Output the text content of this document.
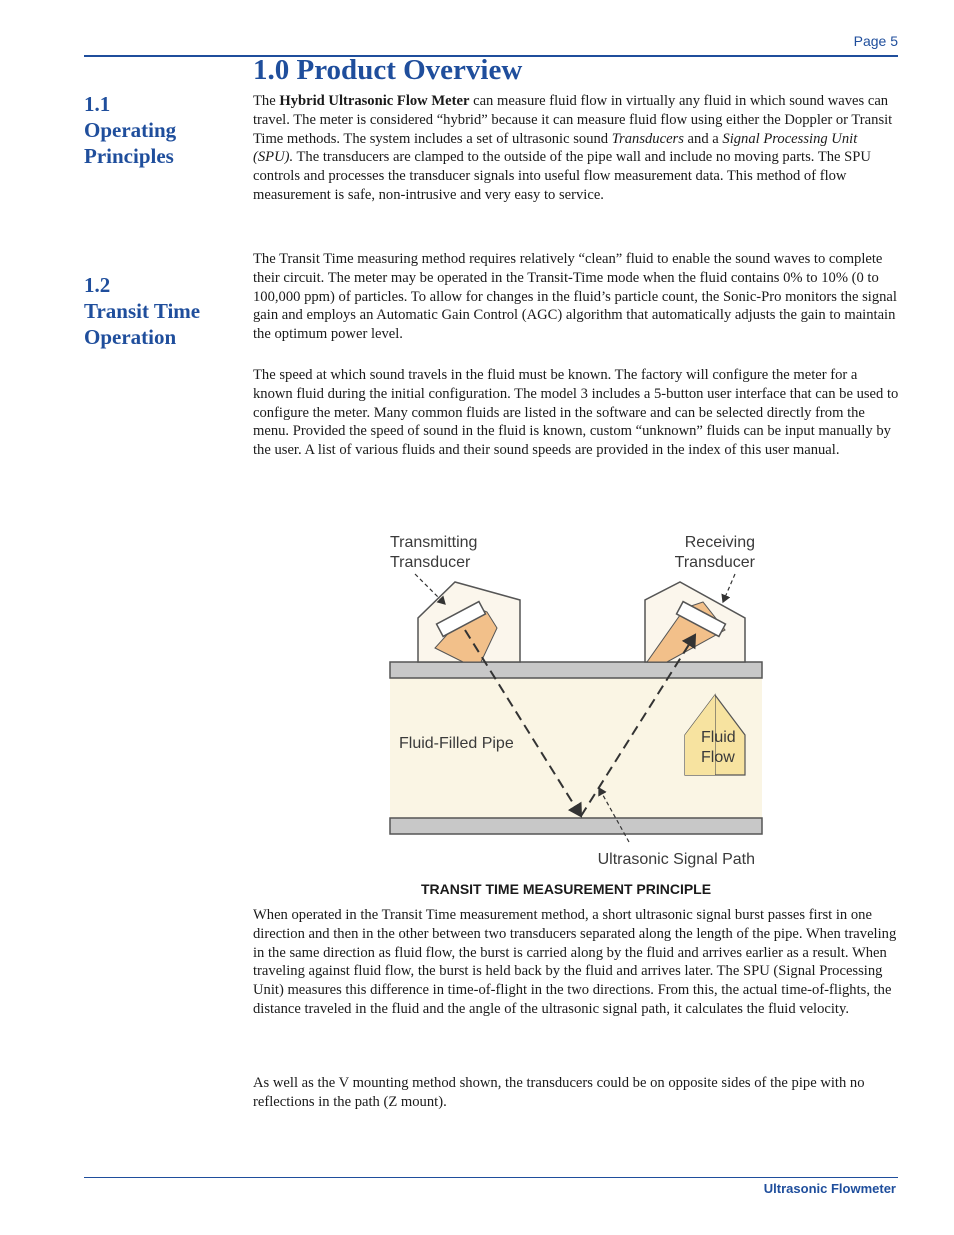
Page 5
1.0 Product Overview
1.1
Operating
Principles
1.2
Transit Time
Operation

The Hybrid Ultrasonic Flow Meter can measure fluid flow in virtually any fluid in which sound waves can travel. The meter is considered “hybrid” because it can measure fluid flow using either the Doppler or Transit Time methods. The system includes a set of ultrasonic sound Transducers and a Signal Processing Unit (SPU). The transducers are clamped to the outside of the pipe wall and include no moving parts. The SPU controls and processes the transducer signals into useful flow measurement data. This method of flow measurement is safe, non-intrusive and very easy to service.

The Transit Time measuring method requires relatively “clean” fluid to enable the sound waves to complete their circuit. The meter may be operated in the Transit-Time mode when the fluid contains 0% to 10% (0 to 100,000 ppm) of particles. To allow for changes in the fluid’s particle count, the Sonic-Pro monitors the signal gain and employs an Automatic Gain Control (AGC) algorithm that automatically adjusts the gain to maintain the optimum power level.

The speed at which sound travels in the fluid must be known. The factory will configure the meter for a known fluid during the initial configuration. The model 3 includes a 5-button user interface that can be used to configure the meter. Many common fluids are listed in the software and can be selected directly from the menu. Provided the speed of sound in the fluid is known, custom “unknown” fluids can be input manually by the user. A list of various fluids and their sound speeds are provided in the index of this user manual.

Transmitting
Transducer
Receiving
Transducer
Fluid-Filled Pipe	Fluid
Flow
Ultrasonic Signal Path
TRANSIT TIME MEASUREMENT PRINCIPLE

When operated in the Transit Time measurement method, a short ultrasonic signal burst passes first in one direction and then in the other between two transducers separated along the length of the pipe. When traveling in the same direction as fluid flow, the burst is carried along by the fluid and arrives earlier as a result. When traveling against fluid flow, the burst is held back by the fluid and arrives later. The SPU (Signal Processing Unit) measures this difference in time-of-flight in the two directions. From this, the actual time-of-flights, the distance traveled in the fluid and the angle of the ultrasonic signal path, it calculates the fluid velocity.

As well as the V mounting method shown, the transducers could be on opposite sides of the pipe with no reflections in the path (Z mount).

Ultrasonic Flowmeter
